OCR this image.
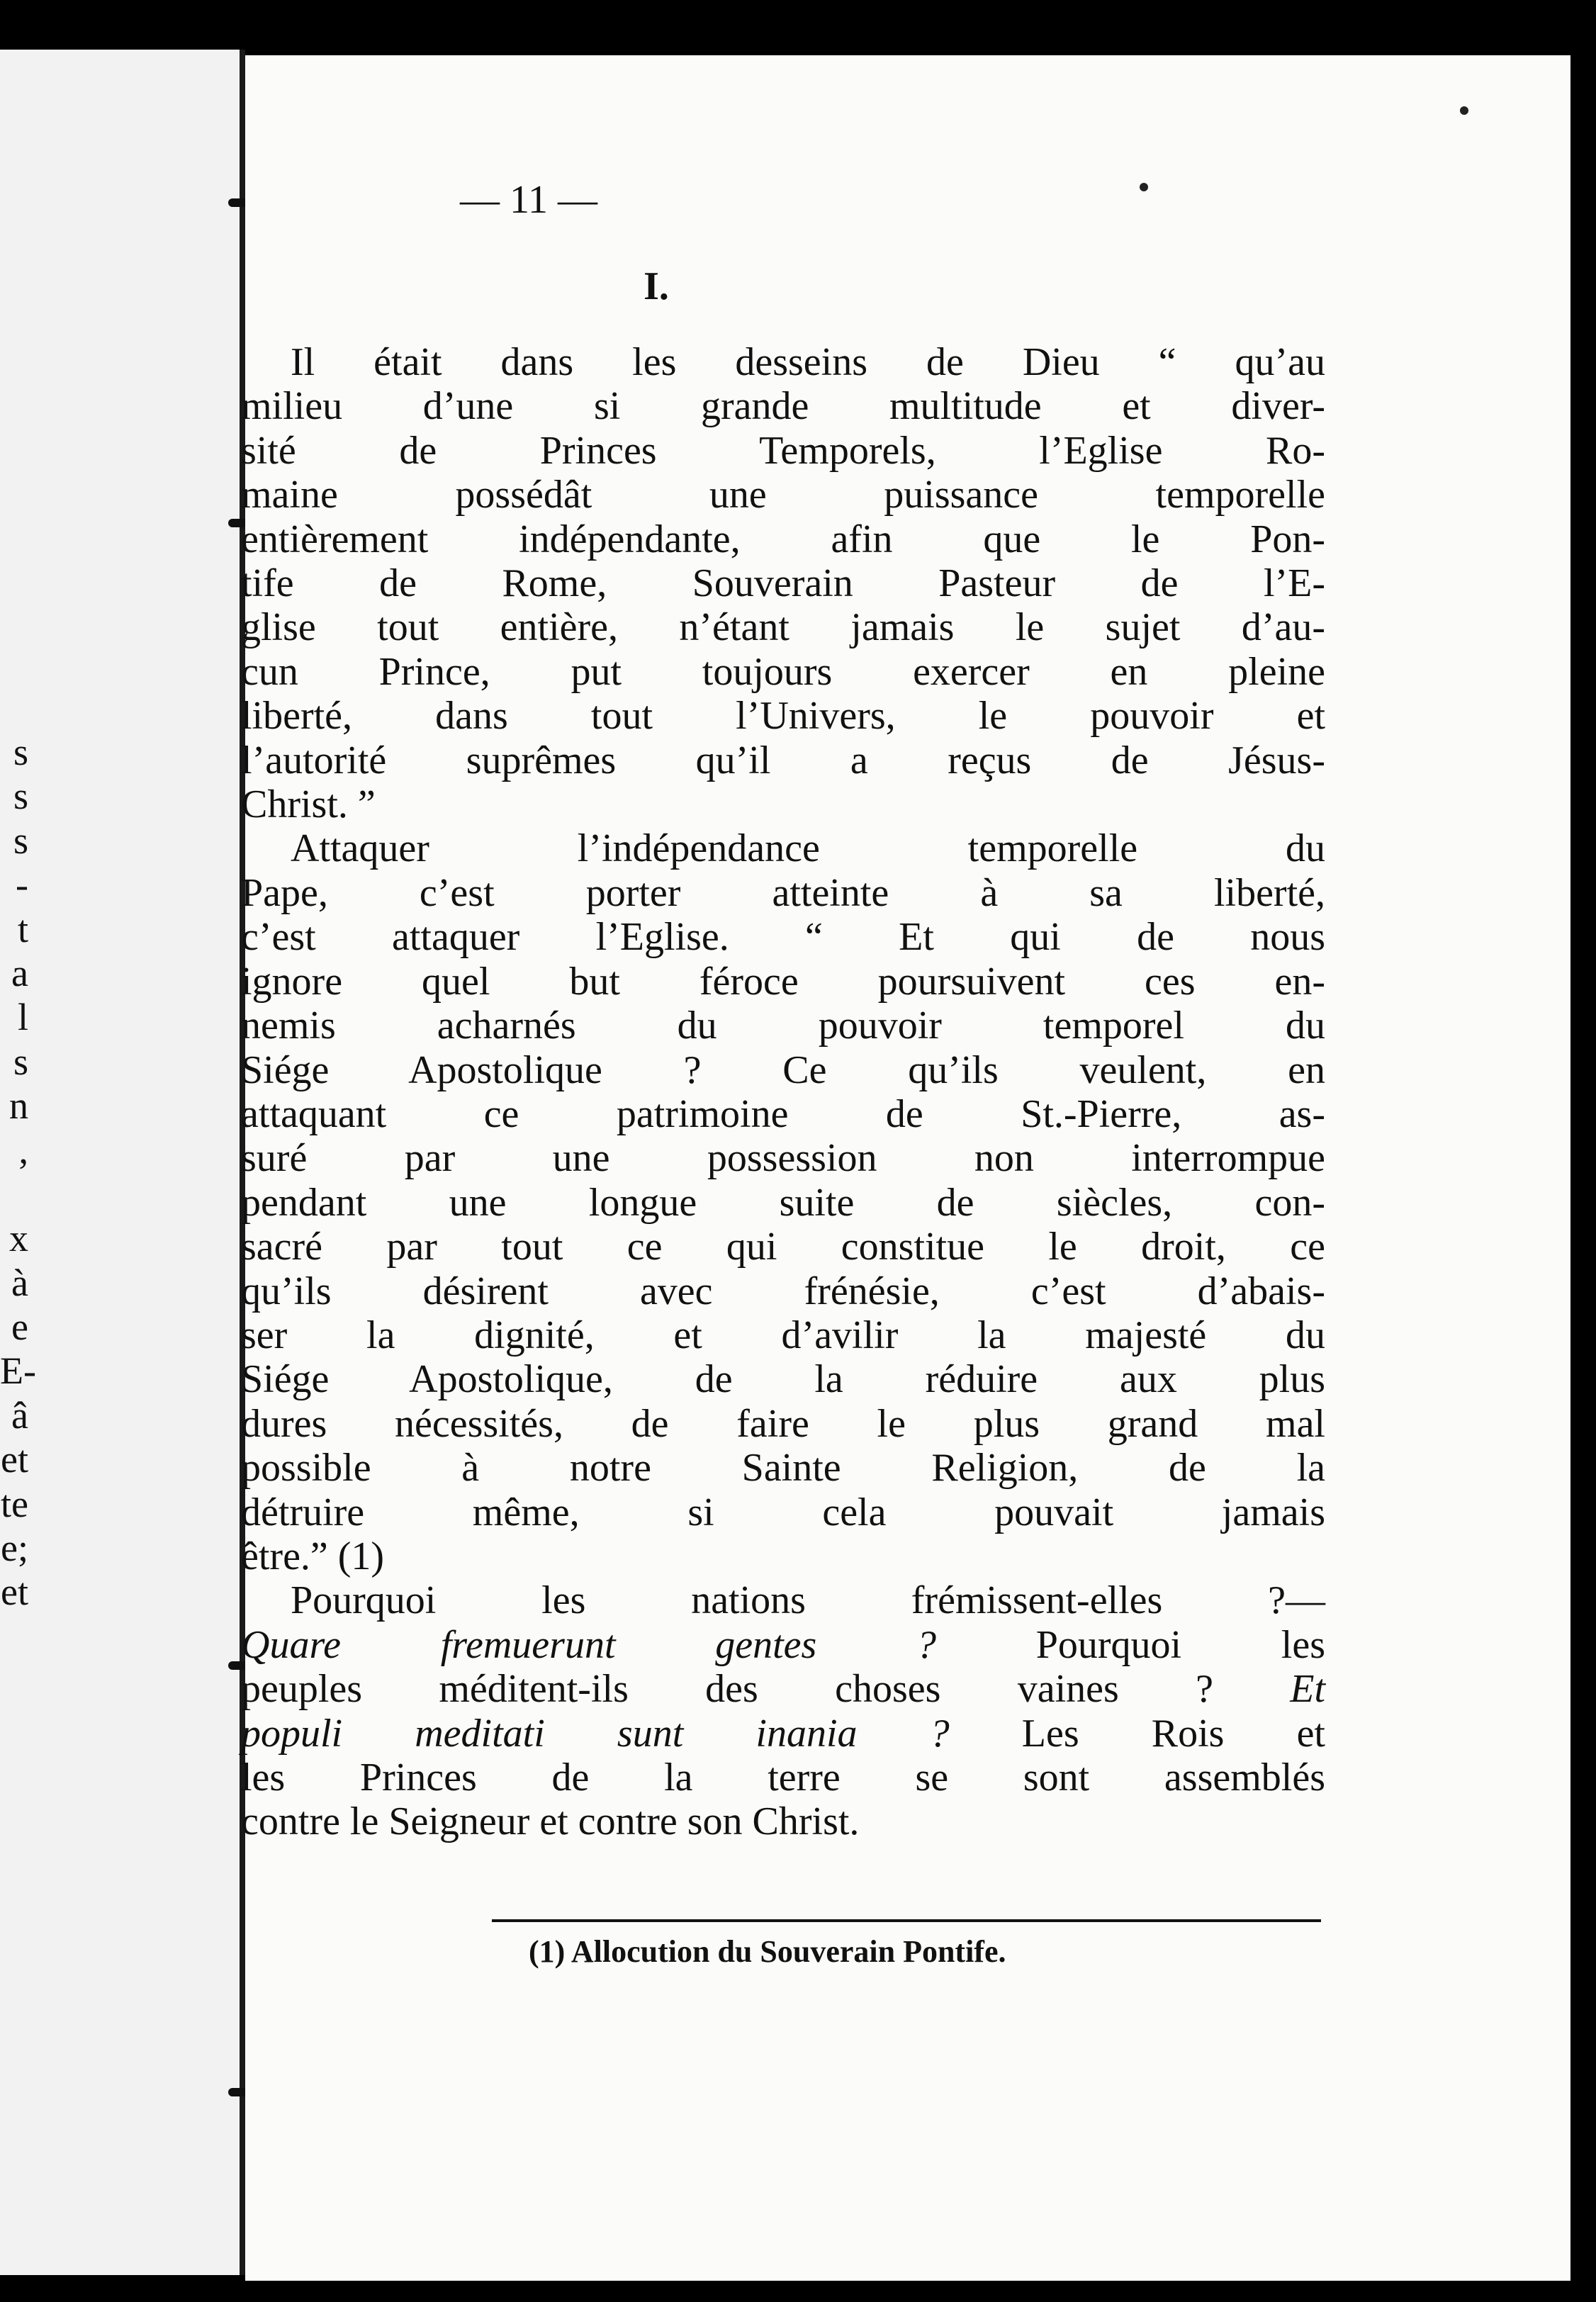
s
s
s
-
t
a
l
s
n
,
x
à
e
E-
â
et
te
e;
et
— 11 —
I.
Il était dans les desseins de Dieu “ qu’au
milieu d’une si grande multitude et diver-
sité de Princes Temporels, l’Eglise Ro-
maine possédât une puissance temporelle
entièrement indépendante, afin que le Pon-
tife de Rome, Souverain Pasteur de l’E-
glise tout entière, n’étant jamais le sujet d’au-
cun Prince, put toujours exercer en pleine
liberté, dans tout l’Univers, le pouvoir et
l’autorité suprêmes qu’il a reçus de Jésus-
Christ. ”
Attaquer l’indépendance temporelle du
Pape, c’est porter atteinte à sa liberté,
c’est attaquer l’Eglise. “ Et qui de nous
ignore quel but féroce poursuivent ces en-
nemis acharnés du pouvoir temporel du
Siége Apostolique ? Ce qu’ils veulent, en
attaquant ce patrimoine de St.-Pierre, as-
suré par une possession non interrompue
pendant une longue suite de siècles, con-
sacré par tout ce qui constitue le droit, ce
qu’ils désirent avec frénésie, c’est d’abais-
ser la dignité, et d’avilir la majesté du
Siége Apostolique, de la réduire aux plus
dures nécessités, de faire le plus grand mal
possible à notre Sainte Religion, de la
détruire même, si cela pouvait jamais
être.” (1)
Pourquoi les nations frémissent-elles ?—
Quare fremuerunt gentes ? Pourquoi les
peuples méditent-ils des choses vaines ? Et
populi meditati sunt inania ? Les Rois et
les Princes de la terre se sont assemblés
contre le Seigneur et contre son Christ.
(1) Allocution du Souverain Pontife.
